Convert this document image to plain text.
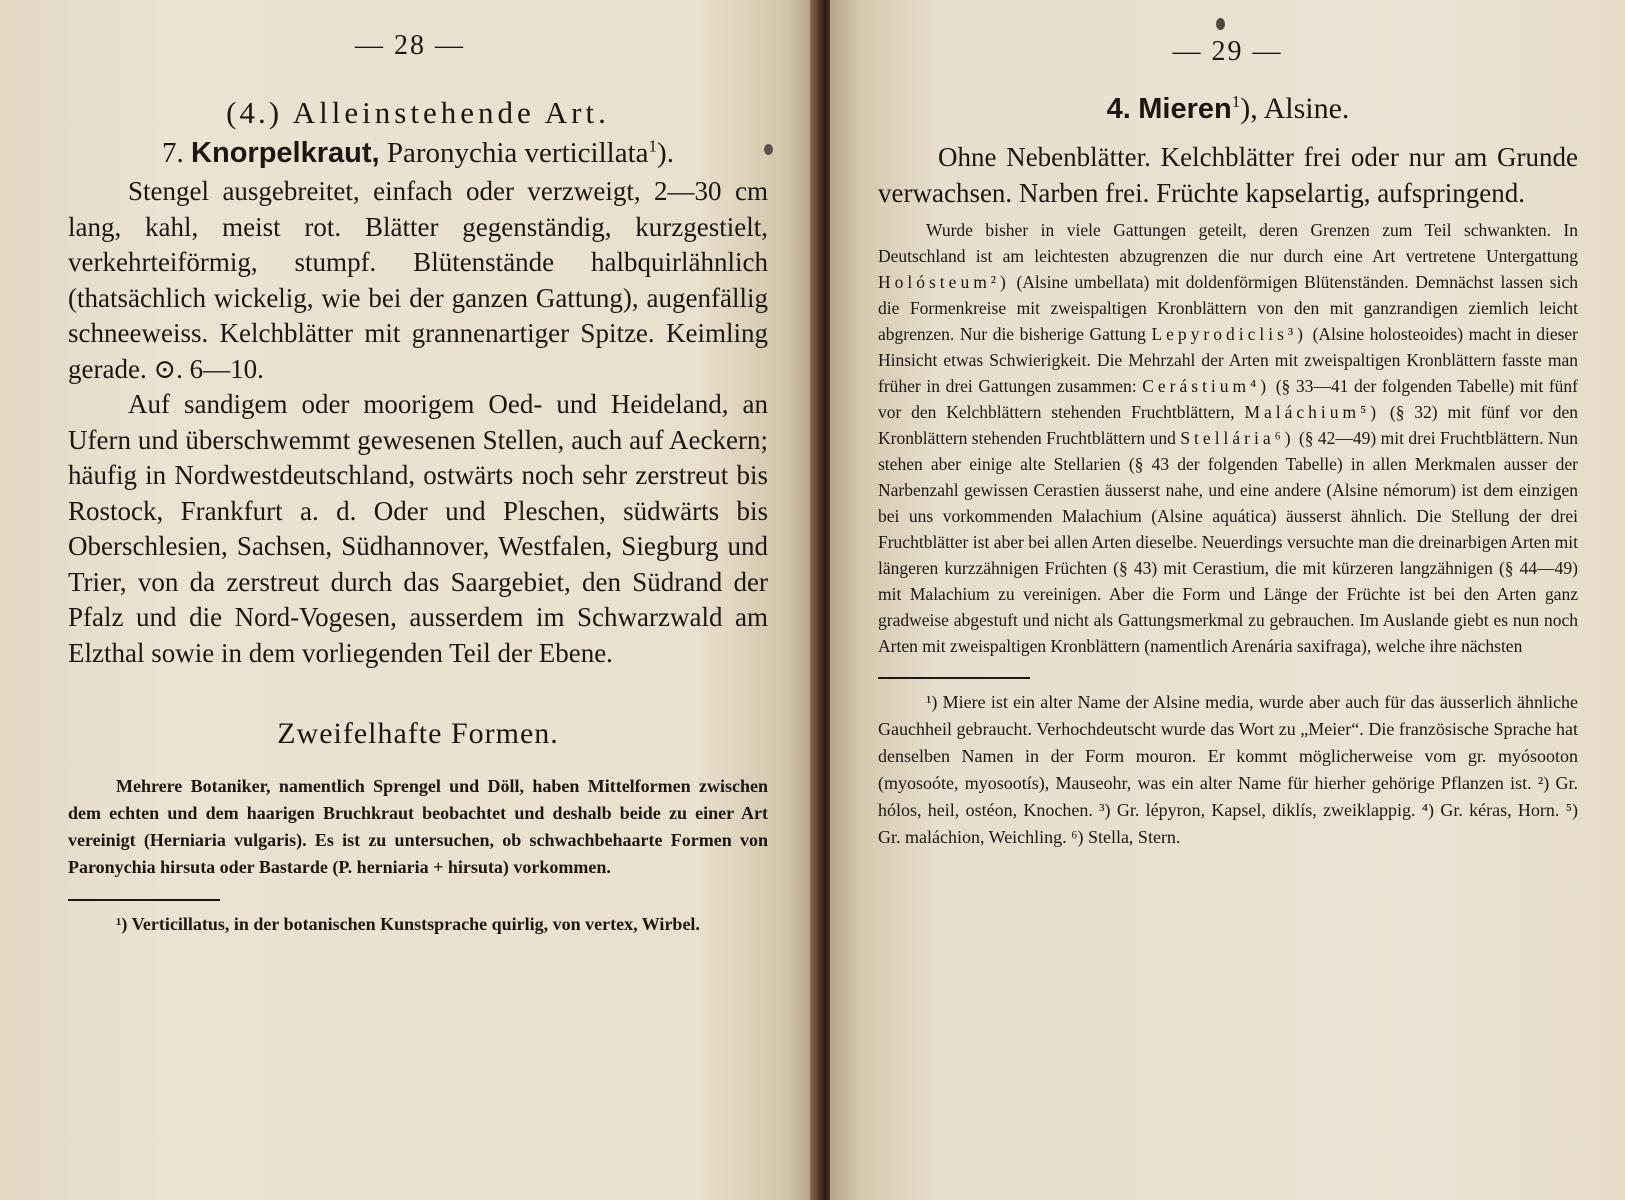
— 28 —

(4.) Alleinstehende Art.

7. Knorpelkraut, Paronychia verticillata$^1$).

Stengel ausgebreitet, einfach oder verzweigt, 2—30 cm lang, kahl, meist rot. Blätter gegenständig, kurzgestielt, verkehrteiförmig, stumpf. Blütenstände halbquirlähnlich (thatsächlich wickelig, wie bei der ganzen Gattung), augenfällig schneeweiss. Kelchblätter mit grannenartiger Spitze. Keimling gerade. ⊙. 6—10.

Auf sandigem oder moorigem Oed- und Heideland, an Ufern und überschwemmt gewesenen Stellen, auch auf Aeckern; häufig in Nordwestdeutschland, ostwärts noch sehr zerstreut bis Rostock, Frankfurt a. d. Oder und Pleschen, südwärts bis Oberschlesien, Sachsen, Südhannover, Westfalen, Siegburg und Trier, von da zerstreut durch das Saargebiet, den Südrand der Pfalz und die Nord-Vogesen, ausserdem im Schwarzwald am Elzthal sowie in dem vorliegenden Teil der Ebene.

Zweifelhafte Formen.

Mehrere Botaniker, namentlich Sprengel und Döll, haben Mittelformen zwischen dem echten und dem haarigen Bruchkraut beobachtet und deshalb beide zu einer Art vereinigt (Herniaria vulgaris). Es ist zu untersuchen, ob schwachbehaarte Formen von Paronychia hirsuta oder Bastarde (P. herniaria + hirsuta) vorkommen.

¹) Verticillatus, in der botanischen Kunstsprache quirlig, von vertex, Wirbel.

— 29 —

4. Mieren$^1$), Alsine.

Ohne Nebenblätter. Kelchblätter frei oder nur am Grunde verwachsen. Narben frei. Früchte kapselartig, aufspringend.

Wurde bisher in viele Gattungen geteilt, deren Grenzen zum Teil schwankten. In Deutschland ist am leichtesten abzugrenzen die nur durch eine Art vertretene Untergattung Holósteum²) (Alsine umbellata) mit doldenförmigen Blütenständen. Demnächst lassen sich die Formenkreise mit zweispaltigen Kronblättern von den mit ganzrandigen ziemlich leicht abgrenzen. Nur die bisherige Gattung Lepyrodiclis³) (Alsine holosteoides) macht in dieser Hinsicht etwas Schwierigkeit. Die Mehrzahl der Arten mit zweispaltigen Kronblättern fasste man früher in drei Gattungen zusammen: Cerástium⁴) (§ 33—41 der folgenden Tabelle) mit fünf vor den Kelchblättern stehenden Fruchtblättern, Maláchium⁵) (§ 32) mit fünf vor den Kronblättern stehenden Fruchtblättern und Stellária⁶) (§ 42—49) mit drei Fruchtblättern. Nun stehen aber einige alte Stellarien (§ 43 der folgenden Tabelle) in allen Merkmalen ausser der Narbenzahl gewissen Cerastien äusserst nahe, und eine andere (Alsine némorum) ist dem einzigen bei uns vorkommenden Malachium (Alsine aquática) äusserst ähnlich. Die Stellung der drei Fruchtblätter ist aber bei allen Arten dieselbe. Neuerdings versuchte man die dreinarbigen Arten mit längeren kurzzähnigen Früchten (§ 43) mit Cerastium, die mit kürzeren langzähnigen (§ 44—49) mit Malachium zu vereinigen. Aber die Form und Länge der Früchte ist bei den Arten ganz gradweise abgestuft und nicht als Gattungsmerkmal zu gebrauchen. Im Auslande giebt es nun noch Arten mit zweispaltigen Kronblättern (namentlich Arenária saxifraga), welche ihre nächsten

¹) Miere ist ein alter Name der Alsine media, wurde aber auch für das äusserlich ähnliche Gauchheil gebraucht. Verhochdeutscht wurde das Wort zu „Meier“. Die französische Sprache hat denselben Namen in der Form mouron. Er kommt möglicherweise vom gr. myósooton (myosoóte, myosootís), Mauseohr, was ein alter Name für hierher gehörige Pflanzen ist. ²) Gr. hólos, heil, ostéon, Knochen. ³) Gr. lépyron, Kapsel, diklís, zweiklappig. ⁴) Gr. kéras, Horn. ⁵) Gr. maláchion, Weichling. ⁶) Stella, Stern.
